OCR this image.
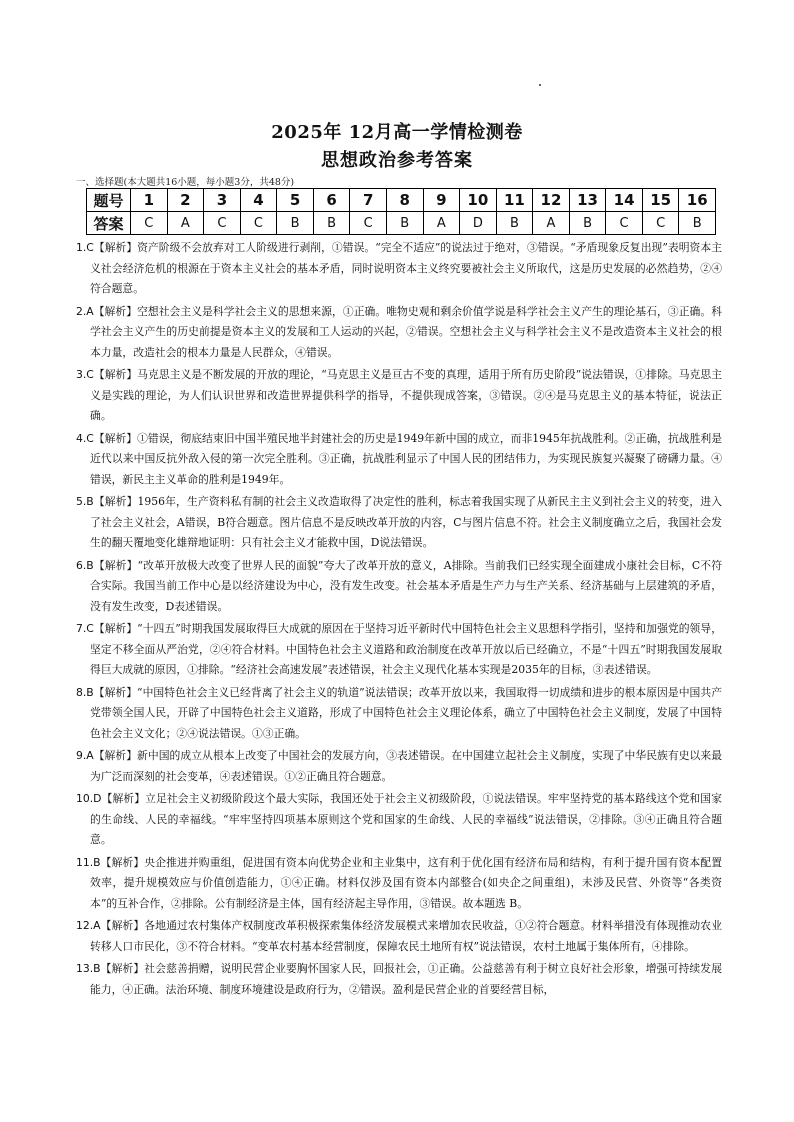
2025年 12月高一学情检测卷
思想政治参考答案
一、选择题(本大题共16小题，每小题3分，共48分)
题号	1	2	3	4	5	6	7	8	9	10	11	12	13	14	15	16
答案	C	A	C	C	B	B	C	B	A	D	B	A	B	C	C	B

1.C【解析】资产阶级不会放弃对工人阶级进行剥削，①错误。“完全不适应”的说法过于绝对，③错误。“矛盾现象反复出现”表明资本主义社会经济危机的根源在于资本主义社会的基本矛盾，同时说明资本主义终究要被社会主义所取代，这是历史发展的必然趋势，②④符合题意。

2.A【解析】空想社会主义是科学社会主义的思想来源，①正确。唯物史观和剩余价值学说是科学社会主义产生的理论基石，③正确。科学社会主义产生的历史前提是资本主义的发展和工人运动的兴起，②错误。空想社会主义与科学社会主义不是改造资本主义社会的根本力量，改造社会的根本力量是人民群众，④错误。

3.C【解析】马克思主义是不断发展的开放的理论，“马克思主义是亘古不变的真理，适用于所有历史阶段”说法错误，①排除。马克思主义是实践的理论，为人们认识世界和改造世界提供科学的指导，不提供现成答案，③错误。②④是马克思主义的基本特征，说法正确。

4.C【解析】①错误，彻底结束旧中国半殖民地半封建社会的历史是1949年新中国的成立，而非1945年抗战胜利。②正确，抗战胜利是近代以来中国反抗外敌入侵的第一次完全胜利。③正确，抗战胜利显示了中国人民的团结伟力，为实现民族复兴凝聚了磅礴力量。④错误，新民主主义革命的胜利是1949年。

5.B【解析】1956年，生产资料私有制的社会主义改造取得了决定性的胜利，标志着我国实现了从新民主主义到社会主义的转变，进入了社会主义社会，A错误，B符合题意。图片信息不是反映改革开放的内容，C与图片信息不符。社会主义制度确立之后，我国社会发生的翻天覆地变化雄辩地证明：只有社会主义才能救中国，D说法错误。

6.B【解析】“改革开放极大改变了世界人民的面貌”夸大了改革开放的意义，A排除。当前我们已经实现全面建成小康社会目标，C不符合实际。我国当前工作中心是以经济建设为中心，没有发生改变。社会基本矛盾是生产力与生产关系、经济基础与上层建筑的矛盾，没有发生改变，D表述错误。

7.C【解析】“十四五”时期我国发展取得巨大成就的原因在于坚持习近平新时代中国特色社会主义思想科学指引，坚持和加强党的领导，坚定不移全面从严治党，②④符合材料。中国特色社会主义道路和政治制度在改革开放以后已经确立，不是“十四五”时期我国发展取得巨大成就的原因，①排除。“经济社会高速发展”表述错误，社会主义现代化基本实现是2035年的目标，③表述错误。

8.B【解析】“中国特色社会主义已经背离了社会主义的轨道”说法错误；改革开放以来，我国取得一切成绩和进步的根本原因是中国共产党带领全国人民，开辟了中国特色社会主义道路，形成了中国特色社会主义理论体系，确立了中国特色社会主义制度，发展了中国特色社会主义文化；②④说法错误。①③正确。

9.A【解析】新中国的成立从根本上改变了中国社会的发展方向，③表述错误。在中国建立起社会主义制度，实现了中华民族有史以来最为广泛而深刻的社会变革，④表述错误。①②正确且符合题意。

10.D【解析】立足社会主义初级阶段这个最大实际，我国还处于社会主义初级阶段，①说法错误。牢牢坚持党的基本路线这个党和国家的生命线、人民的幸福线。“牢牢坚持四项基本原则这个党和国家的生命线、人民的幸福线”说法错误，②排除。③④正确且符合题意。

11.B【解析】央企推进并购重组，促进国有资本向优势企业和主业集中，这有利于优化国有经济布局和结构，有利于提升国有资本配置效率，提升规模效应与价值创造能力，①④正确。材料仅涉及国有资本内部整合(如央企之间重组)，未涉及民营、外资等“各类资本”的互补合作，②排除。公有制经济是主体，国有经济起主导作用，③错误。故本题选 B。

12.A【解析】各地通过农村集体产权制度改革积极探索集体经济发展模式来增加农民收益，①②符合题意。材料举措没有体现推动农业转移人口市民化，③不符合材料。“变革农村基本经营制度，保障农民土地所有权”说法错误，农村土地属于集体所有，④排除。

13.B【解析】社会慈善捐赠，说明民营企业要胸怀国家人民，回报社会，①正确。公益慈善有利于树立良好社会形象，增强可持续发展能力，④正确。法治环境、制度环境建设是政府行为，②错误。盈利是民营企业的首要经营目标，
